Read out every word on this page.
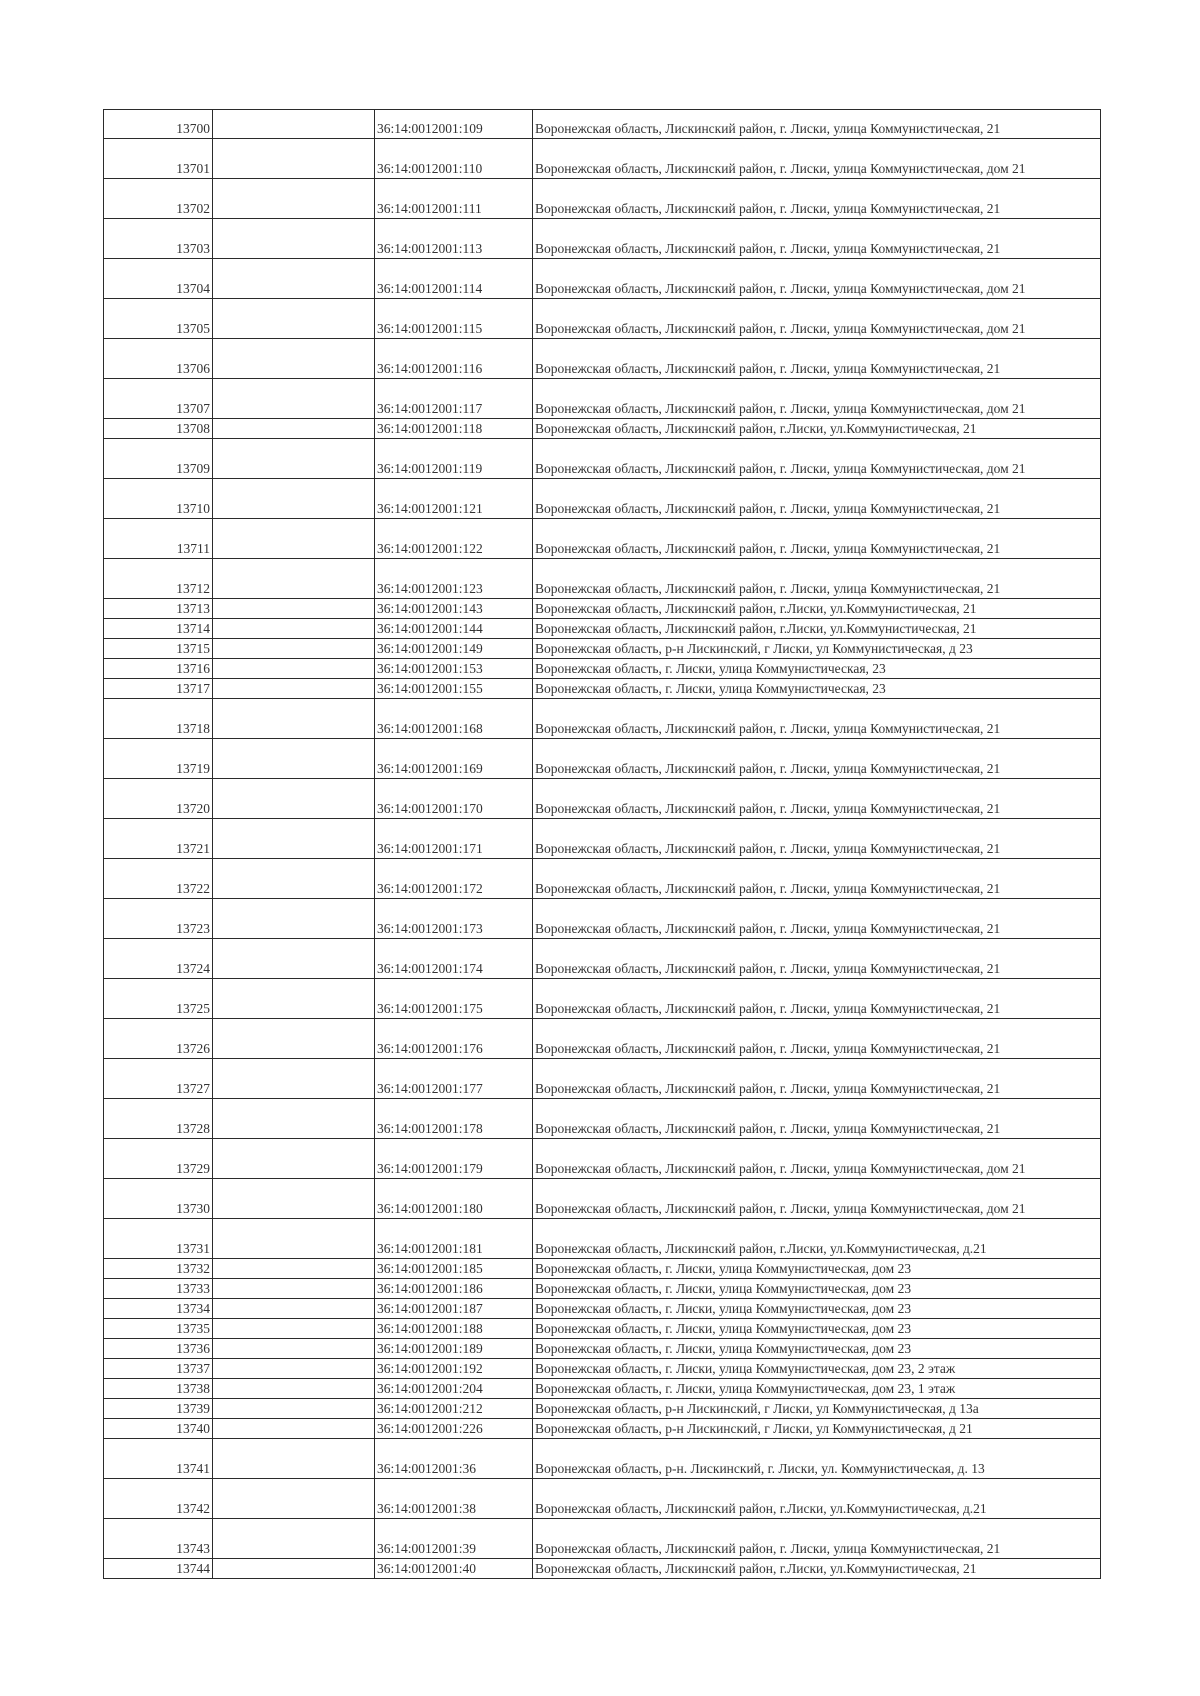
13700		36:14:0012001:109	Воронежская область, Лискинский район, г. Лиски, улица Коммунистическая, 21
13701		36:14:0012001:110	Воронежская область, Лискинский район, г. Лиски, улица Коммунистическая, дом 21
13702		36:14:0012001:111	Воронежская область, Лискинский район, г. Лиски, улица Коммунистическая, 21
13703		36:14:0012001:113	Воронежская область, Лискинский район, г. Лиски, улица Коммунистическая, 21
13704		36:14:0012001:114	Воронежская область, Лискинский район, г. Лиски, улица Коммунистическая, дом 21
13705		36:14:0012001:115	Воронежская область, Лискинский район, г. Лиски, улица Коммунистическая, дом 21
13706		36:14:0012001:116	Воронежская область, Лискинский район, г. Лиски, улица Коммунистическая, 21
13707		36:14:0012001:117	Воронежская область, Лискинский район, г. Лиски, улица Коммунистическая, дом 21
13708		36:14:0012001:118	Воронежская область, Лискинский район, г.Лиски, ул.Коммунистическая, 21
13709		36:14:0012001:119	Воронежская область, Лискинский район, г. Лиски, улица Коммунистическая, дом 21
13710		36:14:0012001:121	Воронежская область, Лискинский район, г. Лиски, улица Коммунистическая, 21
13711		36:14:0012001:122	Воронежская область, Лискинский район, г. Лиски, улица Коммунистическая, 21
13712		36:14:0012001:123	Воронежская область, Лискинский район, г. Лиски, улица Коммунистическая, 21
13713		36:14:0012001:143	Воронежская область, Лискинский район, г.Лиски, ул.Коммунистическая, 21
13714		36:14:0012001:144	Воронежская область, Лискинский район, г.Лиски, ул.Коммунистическая, 21
13715		36:14:0012001:149	Воронежская область, р-н Лискинский, г Лиски, ул Коммунистическая, д 23
13716		36:14:0012001:153	Воронежская область, г. Лиски, улица Коммунистическая, 23
13717		36:14:0012001:155	Воронежская область, г. Лиски, улица Коммунистическая, 23
13718		36:14:0012001:168	Воронежская область, Лискинский район, г. Лиски, улица Коммунистическая, 21
13719		36:14:0012001:169	Воронежская область, Лискинский район, г. Лиски, улица Коммунистическая, 21
13720		36:14:0012001:170	Воронежская область, Лискинский район, г. Лиски, улица Коммунистическая, 21
13721		36:14:0012001:171	Воронежская область, Лискинский район, г. Лиски, улица Коммунистическая, 21
13722		36:14:0012001:172	Воронежская область, Лискинский район, г. Лиски, улица Коммунистическая, 21
13723		36:14:0012001:173	Воронежская область, Лискинский район, г. Лиски, улица Коммунистическая, 21
13724		36:14:0012001:174	Воронежская область, Лискинский район, г. Лиски, улица Коммунистическая, 21
13725		36:14:0012001:175	Воронежская область, Лискинский район, г. Лиски, улица Коммунистическая, 21
13726		36:14:0012001:176	Воронежская область, Лискинский район, г. Лиски, улица Коммунистическая, 21
13727		36:14:0012001:177	Воронежская область, Лискинский район, г. Лиски, улица Коммунистическая, 21
13728		36:14:0012001:178	Воронежская область, Лискинский район, г. Лиски, улица Коммунистическая, 21
13729		36:14:0012001:179	Воронежская область, Лискинский район, г. Лиски, улица Коммунистическая, дом 21
13730		36:14:0012001:180	Воронежская область, Лискинский район, г. Лиски, улица Коммунистическая, дом 21
13731		36:14:0012001:181	Воронежская область, Лискинский район, г.Лиски, ул.Коммунистическая, д.21
13732		36:14:0012001:185	Воронежская область, г. Лиски, улица Коммунистическая, дом 23
13733		36:14:0012001:186	Воронежская область, г. Лиски, улица Коммунистическая, дом 23
13734		36:14:0012001:187	Воронежская область, г. Лиски, улица Коммунистическая, дом 23
13735		36:14:0012001:188	Воронежская область, г. Лиски, улица Коммунистическая, дом 23
13736		36:14:0012001:189	Воронежская область, г. Лиски, улица Коммунистическая, дом 23
13737		36:14:0012001:192	Воронежская область, г. Лиски, улица Коммунистическая, дом 23, 2 этаж
13738		36:14:0012001:204	Воронежская область, г. Лиски, улица Коммунистическая, дом 23, 1 этаж
13739		36:14:0012001:212	Воронежская область, р-н Лискинский, г Лиски, ул Коммунистическая, д 13а
13740		36:14:0012001:226	Воронежская область, р-н Лискинский, г Лиски, ул Коммунистическая, д 21
13741		36:14:0012001:36	Воронежская область, р-н. Лискинский, г. Лиски, ул. Коммунистическая, д. 13
13742		36:14:0012001:38	Воронежская область, Лискинский район, г.Лиски, ул.Коммунистическая, д.21
13743		36:14:0012001:39	Воронежская область, Лискинский район, г. Лиски, улица Коммунистическая, 21
13744		36:14:0012001:40	Воронежская область, Лискинский район, г.Лиски, ул.Коммунистическая, 21
